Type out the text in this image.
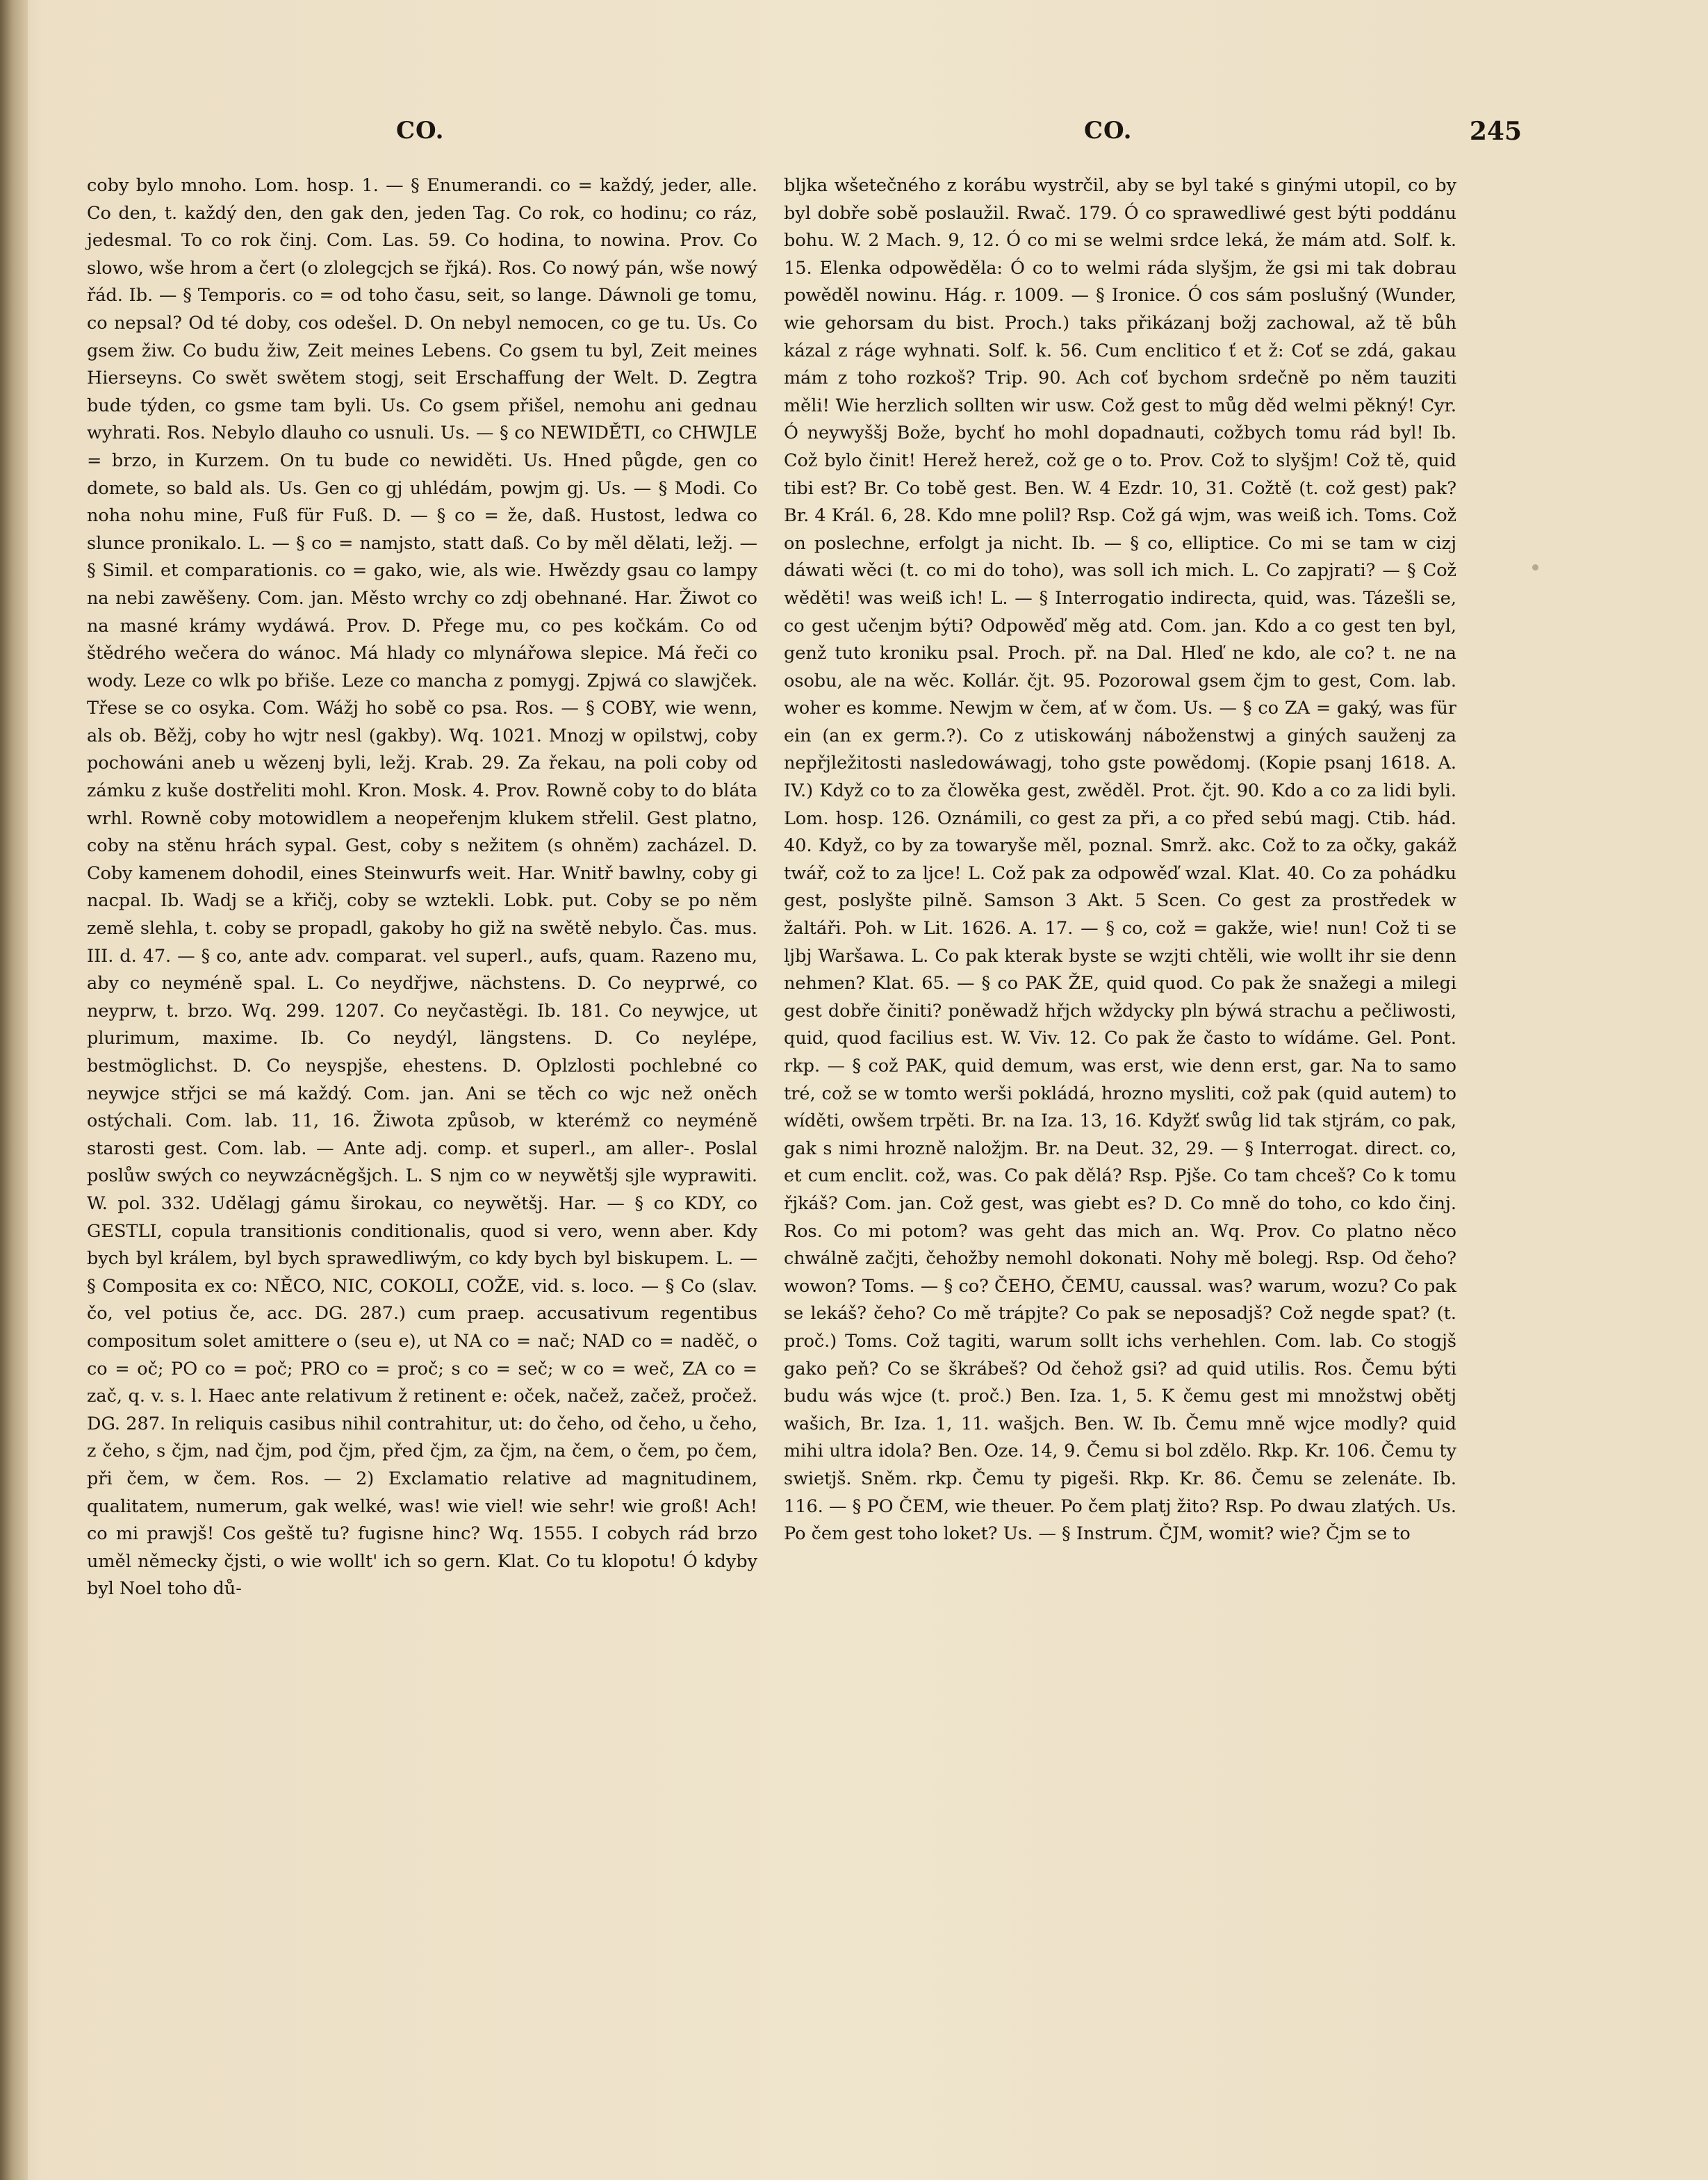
CO.	CO.	245

coby bylo mnoho. Lom. hosp. 1. — § Enumerandi. co = každý, jeder, alle. Co den, t. každý den, den gak den, jeden Tag. Co rok, co hodinu; co ráz, jedesmal. To co rok činj. Com. Las. 59. Co hodina, to nowina. Prov. Co slowo, wše hrom a čert (o zlolegcjch se řjká). Ros. Co nowý pán, wše nowý řád. Ib. — § Temporis. co = od toho času, seit, so lange. Dáwnoli ge tomu, co nepsal? Od té doby, cos odešel. D. On nebyl nemocen, co ge tu. Us. Co gsem žiw. Co budu žiw, Zeit meines Lebens. Co gsem tu byl, Zeit meines Hierseyns. Co swět swětem stogj, seit Erschaffung der Welt. D. Zegtra bude týden, co gsme tam byli. Us. Co gsem přišel, nemohu ani gednau wyhrati. Ros. Nebylo dlauho co usnuli. Us. — § co NEWIDĚTI, co CHWJLE = brzo, in Kurzem. On tu bude co newiděti. Us. Hned půgde, gen co domete, so bald als. Us. Gen co gj uhlédám, powjm gj. Us. — § Modi. Co noha nohu mine, Fuß für Fuß. D. — § co = že, daß. Hustost, ledwa co slunce pronikalo. L. — § co = namjsto, statt daß. Co by měl dělati, ležj. — § Simil. et comparationis. co = gako, wie, als wie. Hwězdy gsau co lampy na nebi zawěšeny. Com. jan. Město wrchy co zdj obehnané. Har. Žiwot co na masné krámy wydáwá. Prov. D. Přege mu, co pes kočkám. Co od štědrého wečera do wánoc. Má hlady co mlynářowa slepice. Má řeči co wody. Leze co wlk po břiše. Leze co mancha z pomygj. Zpjwá co slawjček. Třese se co osyka. Com. Wážj ho sobě co psa. Ros. — § COBY, wie wenn, als ob. Běžj, coby ho wjtr nesl (gakby). Wq. 1021. Mnozj w opilstwj, coby pochowáni aneb u wězenj byli, ležj. Krab. 29. Za řekau, na poli coby od zámku z kuše dostřeliti mohl. Kron. Mosk. 4. Prov. Rowně coby to do bláta wrhl. Rowně coby motowidlem a neopeřenjm klukem střelil. Gest platno, coby na stěnu hrách sypal. Gest, coby s nežitem (s ohněm) zacházel. D. Coby kamenem dohodil, eines Steinwurfs weit. Har. Wnitř bawlny, coby gi nacpal. Ib. Wadj se a křičj, coby se wztekli. Lobk. put. Coby se po něm země slehla, t. coby se propadl, gakoby ho giž na swětě nebylo. Čas. mus. III. d. 47. — § co, ante adv. comparat. vel superl., aufs, quam. Razeno mu, aby co neyméně spal. L. Co neydřjwe, nächstens. D. Co neyprwé, co neyprw, t. brzo. Wq. 299. 1207. Co neyčastěgi. Ib. 181. Co neywjce, ut plurimum, maxime. Ib. Co neydýl, längstens. D. Co neylépe, bestmöglichst. D. Co neyspjše, ehestens. D. Oplzlosti pochlebné co neywjce střjci se má každý. Com. jan. Ani se těch co wjc než oněch ostýchali. Com. lab. 11, 16. Žiwota způsob, w kterémž co neyméně starosti gest. Com. lab. — Ante adj. comp. et superl., am aller-. Poslal poslůw swých co neywzácněgšjch. L. S njm co w neywětšj sjle wyprawiti. W. pol. 332. Udělagj gámu širokau, co neywětšj. Har. — § co KDY, co GESTLI, copula transitionis conditionalis, quod si vero, wenn aber. Kdy bych byl králem, byl bych sprawedliwým, co kdy bych byl biskupem. L. — § Composita ex co: NĚCO, NIC, COKOLI, COŽE, vid. s. loco. — § Co (slav. čo, vel potius če, acc. DG. 287.) cum praep. accusativum regentibus compositum solet amittere o (seu e), ut NA co = nač; NAD co = naděč, o co = oč; PO co = poč; PRO co = proč; s co = seč; w co = weč, ZA co = zač, q. v. s. l. Haec ante relativum ž retinent e: oček, načež, začež, pročež. DG. 287. In reliquis casibus nihil contrahitur, ut: do čeho, od čeho, u čeho, z čeho, s čjm, nad čjm, pod čjm, před čjm, za čjm, na čem, o čem, po čem, při čem, w čem. Ros. — 2) Exclamatio relative ad magnitudinem, qualitatem, numerum, gak welké, was! wie viel! wie sehr! wie groß! Ach! co mi prawjš! Cos geště tu? fugisne hinc? Wq. 1555. I cobych rád brzo uměl německy čjsti, o wie wollt' ich so gern. Klat. Co tu klopotu! Ó kdyby byl Noel toho dů-

bljka wšetečného z korábu wystrčil, aby se byl také s ginými utopil, co by byl dobře sobě poslaužil. Rwač. 179. Ó co sprawedliwé gest býti poddánu bohu. W. 2 Mach. 9, 12. Ó co mi se welmi srdce leká, že mám atd. Solf. k. 15. Elenka odpowěděla: Ó co to welmi ráda slyšjm, že gsi mi tak dobrau powěděl nowinu. Hág. r. 1009. — § Ironice. Ó cos sám poslušný (Wunder, wie gehorsam du bist. Proch.) taks přikázanj božj zachowal, až tě bůh kázal z ráge wyhnati. Solf. k. 56. Cum enclitico ť et ž: Coť se zdá, gakau mám z toho rozkoš? Trip. 90. Ach coť bychom srdečně po něm tauziti měli! Wie herzlich sollten wir usw. Což gest to můg děd welmi pěkný! Cyr. Ó neywyššj Bože, bychť ho mohl dopadnauti, cožbych tomu rád byl! Ib. Což bylo činit! Herež herež, což ge o to. Prov. Což to slyšjm! Což tě, quid tibi est? Br. Co tobě gest. Ben. W. 4 Ezdr. 10, 31. Cožtě (t. což gest) pak? Br. 4 Král. 6, 28. Kdo mne polil? Rsp. Což gá wjm, was weiß ich. Toms. Což on poslechne, erfolgt ja nicht. Ib. — § co, elliptice. Co mi se tam w cizj dáwati wěci (t. co mi do toho), was soll ich mich. L. Co zapjrati? — § Což wěděti! was weiß ich! L. — § Interrogatio indirecta, quid, was. Tázešli se, co gest učenjm býti? Odpowěď měg atd. Com. jan. Kdo a co gest ten byl, genž tuto kroniku psal. Proch. př. na Dal. Hleď ne kdo, ale co? t. ne na osobu, ale na wěc. Kollár. čjt. 95. Pozorowal gsem čjm to gest, Com. lab. woher es komme. Newjm w čem, ať w čom. Us. — § co ZA = gaký, was für ein (an ex germ.?). Co z utiskowánj náboženstwj a giných sauženj za nepřjležitosti nasledowáwagj, toho gste powědomj. (Kopie psanj 1618. A. IV.) Když co to za člowěka gest, zwěděl. Prot. čjt. 90. Kdo a co za lidi byli. Lom. hosp. 126. Oznámili, co gest za při, a co před sebú magj. Ctib. hád. 40. Když, co by za towaryše měl, poznal. Smrž. akc. Což to za očky, gakáž twář, což to za ljce! L. Což pak za odpowěď wzal. Klat. 40. Co za pohádku gest, poslyšte pilně. Samson 3 Akt. 5 Scen. Co gest za prostředek w žaltáři. Poh. w Lit. 1626. A. 17. — § co, což = gakže, wie! nun! Což ti se ljbj Waršawa. L. Co pak kterak byste se wzjti chtěli, wie wollt ihr sie denn nehmen? Klat. 65. — § co PAK ŽE, quid quod. Co pak že snažegi a milegi gest dobře činiti? poněwadž hřjch wždycky pln býwá strachu a pečliwosti, quid, quod facilius est. W. Viv. 12. Co pak že často to wídáme. Gel. Pont. rkp. — § což PAK, quid demum, was erst, wie denn erst, gar. Na to samo tré, což se w tomto werši pokládá, hrozno mysliti, což pak (quid autem) to wíděti, owšem trpěti. Br. na Iza. 13, 16. Kdyžť swůg lid tak stjrám, co pak, gak s nimi hrozně naložjm. Br. na Deut. 32, 29. — § Interrogat. direct. co, et cum enclit. což, was. Co pak dělá? Rsp. Pjše. Co tam chceš? Co k tomu řjkáš? Com. jan. Což gest, was giebt es? D. Co mně do toho, co kdo činj. Ros. Co mi potom? was geht das mich an. Wq. Prov. Co platno něco chwálně začjti, čehožby nemohl dokonati. Nohy mě bolegj. Rsp. Od čeho? wowon? Toms. — § co? ČEHO, ČEMU, caussal. was? warum, wozu? Co pak se lekáš? čeho? Co mě trápjte? Co pak se neposadjš? Což negde spat? (t. proč.) Toms. Což tagiti, warum sollt ichs verhehlen. Com. lab. Co stogjš gako peň? Co se škrábeš? Od čehož gsi? ad quid utilis. Ros. Čemu býti budu wás wjce (t. proč.) Ben. Iza. 1, 5. K čemu gest mi množstwj obětj wašich, Br. Iza. 1, 11. wašjch. Ben. W. Ib. Čemu mně wjce modly? quid mihi ultra idola? Ben. Oze. 14, 9. Čemu si bol zdělo. Rkp. Kr. 106. Čemu ty swietjš. Sněm. rkp. Čemu ty pigeši. Rkp. Kr. 86. Čemu se zelenáte. Ib. 116. — § PO ČEM, wie theuer. Po čem platj žito? Rsp. Po dwau zlatých. Us. Po čem gest toho loket? Us. — § Instrum. ČJM, womit? wie? Čjm se to
